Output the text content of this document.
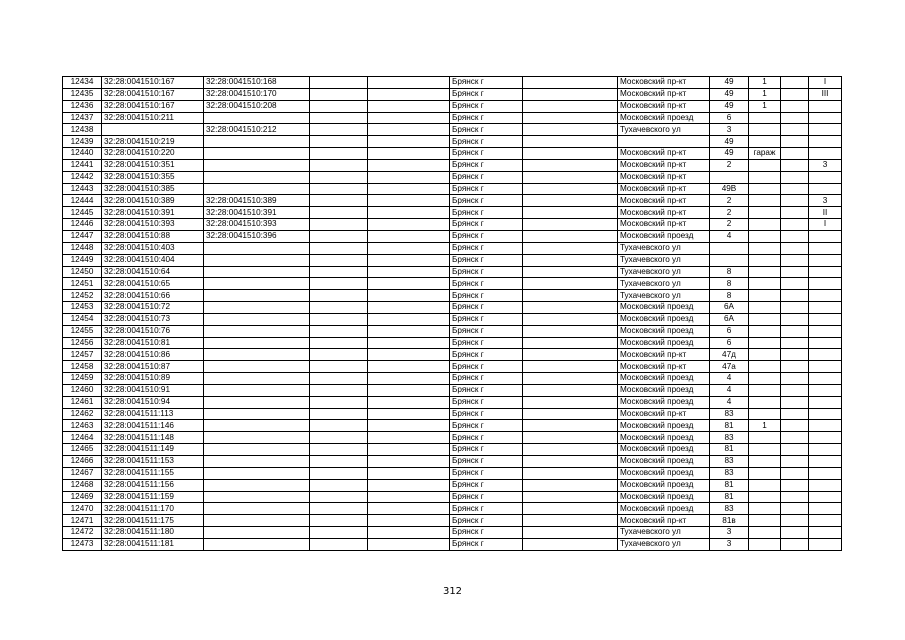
12434	32:28:0041510:167	32:28:0041510:168			Брянск г		Московский пр-кт	49	1		I
12435	32:28:0041510:167	32:28:0041510:170			Брянск г		Московский пр-кт	49	1		III
12436	32:28:0041510:167	32:28:0041510:208			Брянск г		Московский пр-кт	49	1		
12437	32:28:0041510:211				Брянск г		Московский проезд	6			
12438		32:28:0041510:212			Брянск г		Тухачевского ул	3			
12439	32:28:0041510:219				Брянск г			49			
12440	32:28:0041510:220				Брянск г		Московский пр-кт	49	гараж		
12441	32:28:0041510:351				Брянск г		Московский пр-кт	2			3
12442	32:28:0041510:355				Брянск г		Московский пр-кт				
12443	32:28:0041510:385				Брянск г		Московский пр-кт	49В			
12444	32:28:0041510:389	32:28:0041510:389			Брянск г		Московский пр-кт	2			3
12445	32:28:0041510:391	32:28:0041510:391			Брянск г		Московский пр-кт	2			II
12446	32:28:0041510:393	32:28:0041510:393			Брянск г		Московский пр-кт	2			I
12447	32:28:0041510:88	32:28:0041510:396			Брянск г		Московский проезд	4			
12448	32:28:0041510:403				Брянск г		Тухачевского ул				
12449	32:28:0041510:404				Брянск г		Тухачевского ул				
12450	32:28:0041510:64				Брянск г		Тухачевского ул	8			
12451	32:28:0041510:65				Брянск г		Тухачевского ул	8			
12452	32:28:0041510:66				Брянск г		Тухачевского ул	8			
12453	32:28:0041510:72				Брянск г		Московский проезд	6А			
12454	32:28:0041510:73				Брянск г		Московский проезд	6А			
12455	32:28:0041510:76				Брянск г		Московский проезд	6			
12456	32:28:0041510:81				Брянск г		Московский проезд	6			
12457	32:28:0041510:86				Брянск г		Московский пр-кт	47д			
12458	32:28:0041510:87				Брянск г		Московский пр-кт	47а			
12459	32:28:0041510:89				Брянск г		Московский проезд	4			
12460	32:28:0041510:91				Брянск г		Московский проезд	4			
12461	32:28:0041510:94				Брянск г		Московский проезд	4			
12462	32:28:0041511:113				Брянск г		Московский пр-кт	83			
12463	32:28:0041511:146				Брянск г		Московский проезд	81	1		
12464	32:28:0041511:148				Брянск г		Московский проезд	83			
12465	32:28:0041511:149				Брянск г		Московский проезд	81			
12466	32:28:0041511:153				Брянск г		Московский проезд	83			
12467	32:28:0041511:155				Брянск г		Московский проезд	83			
12468	32:28:0041511:156				Брянск г		Московский проезд	81			
12469	32:28:0041511:159				Брянск г		Московский проезд	81			
12470	32:28:0041511:170				Брянск г		Московский проезд	83			
12471	32:28:0041511:175				Брянск г		Московский пр-кт	81в			
12472	32:28:0041511:180				Брянск г		Тухачевского ул	3			
12473	32:28:0041511:181				Брянск г		Тухачевского ул	3			
312
